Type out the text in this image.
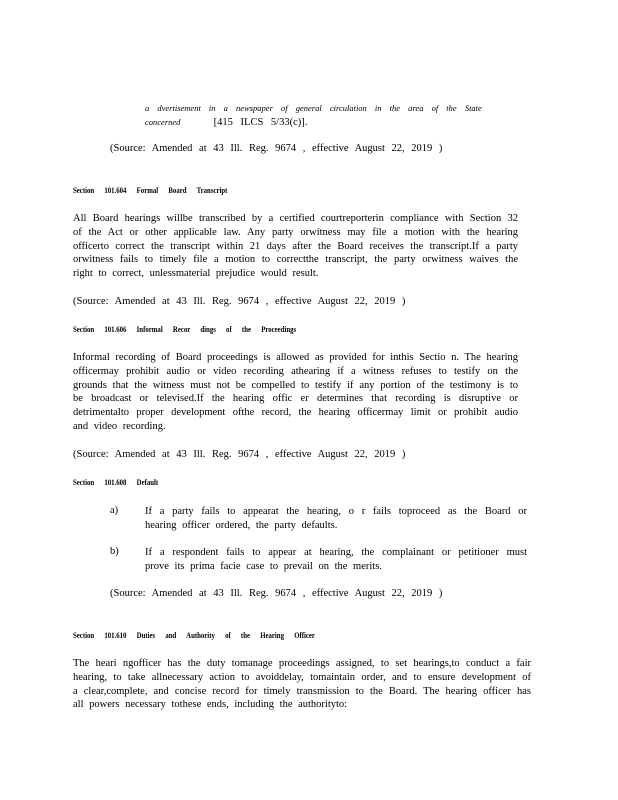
a dvertisement in a newspaper of general circulation in the area of the State

concerned	[415 ILCS 5/33(c)].

(Source: Amended at 43 Ill. Reg. 9674 , effective August 22, 2019 )

Section 101.604 Formal Board Transcript

All Board hearings willbe transcribed by a certified courtreporterin compliance with Section 32 of the Act or other applicable law. Any party orwitness may file a motion with the hearing officerto correct the transcript within 21 days after the Board receives the transcript.If a party orwitness fails to timely file a motion to correctthe transcript, the party orwitness waives the right to correct, unlessmaterial prejudice would result.

(Source: Amended at 43 Ill. Reg. 9674 , effective August 22, 2019 )

Section 101.606 Informal Recor dings of the Proceedings

Informal recording of Board proceedings is allowed as provided for inthis Sectio n. The hearing officermay prohibit audio or video recording athearing if a witness refuses to testify on the grounds that the witness must not be compelled to testify if any portion of the testimony is to be broadcast or televised.If the hearing offic er determines that recording is disruptive or detrimentalto proper development ofthe record, the hearing officermay limit or prohibit audio and video recording.

(Source: Amended at 43 Ill. Reg. 9674 , effective August 22, 2019 )

Section 101.608 Default

a)	If a party fails to appearat the hearing, o r fails toproceed as the Board or hearing officer ordered, the party defaults.

b)	If a respondent fails to appear at hearing, the complainant or petitioner must prove its prima facie case to prevail on the merits.

(Source: Amended at 43 Ill. Reg. 9674 , effective August 22, 2019 )

Section 101.610 Duties and Authority of the Hearing Officer

The heari ngofficer has the duty tomanage proceedings assigned, to set hearings,to conduct a fair hearing, to take allnecessary action to avoiddelay, tomaintain order, and to ensure development of a clear,complete, and concise record for timely transmission to the Board. The hearing officer has all powers necessary tothese ends, including the authorityto:
